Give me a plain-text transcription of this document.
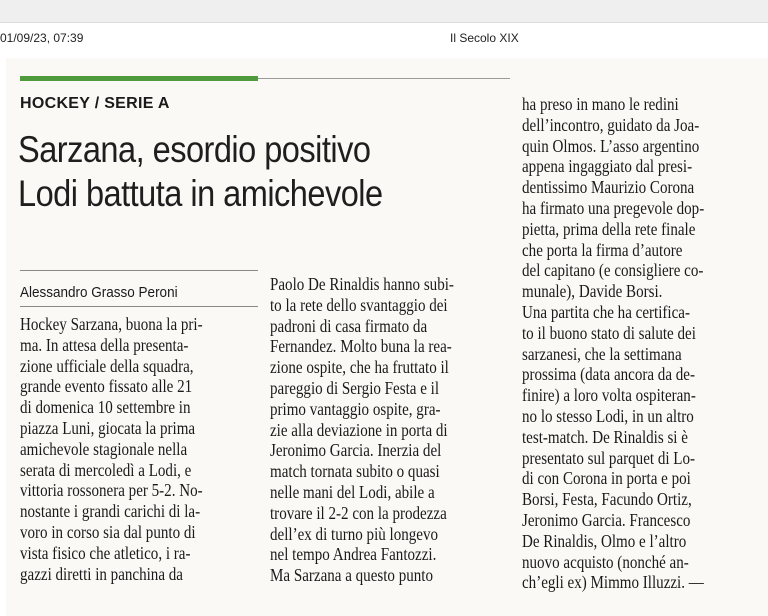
01/09/23, 07:39	Il Secolo XIX
HOCKEY / SERIE A
Sarzana, esordio positivo
Lodi battuta in amichevole
Alessandro Grasso Peroni
Hockey Sarzana, buona la pri-
ma. In attesa della presenta-
zione ufficiale della squadra,
grande evento fissato alle 21
di domenica 10 settembre in
piazza Luni, giocata la prima
amichevole stagionale nella
serata di mercoledì a Lodi, e
vittoria rossonera per 5-2. No-
nostante i grandi carichi di la-
voro in corso sia dal punto di
vista fisico che atletico, i ra-
gazzi diretti in panchina da
Paolo De Rinaldis hanno subi-
to la rete dello svantaggio dei
padroni di casa firmato da
Fernandez. Molto buna la rea-
zione ospite, che ha fruttato il
pareggio di Sergio Festa e il
primo vantaggio ospite, gra-
zie alla deviazione in porta di
Jeronimo Garcia. Inerzia del
match tornata subito o quasi
nelle mani del Lodi, abile a
trovare il 2-2 con la prodezza
dell’ex di turno più longevo
nel tempo Andrea Fantozzi.
Ma Sarzana a questo punto
ha preso in mano le redini
dell’incontro, guidato da Joa-
quin Olmos. L’asso argentino
appena ingaggiato dal presi-
dentissimo Maurizio Corona
ha firmato una pregevole dop-
pietta, prima della rete finale
che porta la firma d’autore
del capitano (e consigliere co-
munale), Davide Borsi.
Una partita che ha certifica-
to il buono stato di salute dei
sarzanesi, che la settimana
prossima (data ancora da de-
finire) a loro volta ospiteran-
no lo stesso Lodi, in un altro
test-match. De Rinaldis si è
presentato sul parquet di Lo-
di con Corona in porta e poi
Borsi, Festa, Facundo Ortiz,
Jeronimo Garcia. Francesco
De Rinaldis, Olmo e l’altro
nuovo acquisto (nonché an-
ch’egli ex) Mimmo Illuzzi. —
